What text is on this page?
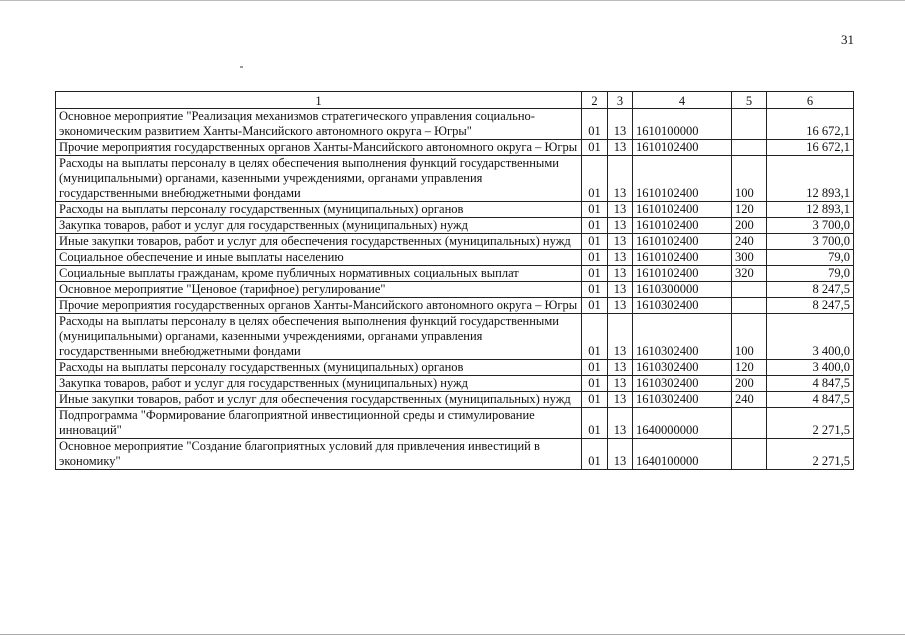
31
1	2	3	4	5	6
Основное мероприятие "Реализация механизмов стратегического управления социально-экономическим развитием Ханты-Мансийского автономного округа – Югры"	01	13	1610100000		16 672,1
Прочие мероприятия государственных органов Ханты-Мансийского автономного округа – Югры	01	13	1610102400		16 672,1
Расходы на выплаты персоналу в целях обеспечения выполнения функций государственными (муниципальными) органами, казенными учреждениями, органами управления государственными внебюджетными фондами	01	13	1610102400	100	12 893,1
Расходы на выплаты персоналу государственных (муниципальных) органов	01	13	1610102400	120	12 893,1
Закупка товаров, работ и услуг для государственных (муниципальных) нужд	01	13	1610102400	200	3 700,0
Иные закупки товаров, работ и услуг для обеспечения государственных (муниципальных) нужд	01	13	1610102400	240	3 700,0
Социальное обеспечение и иные выплаты населению	01	13	1610102400	300	79,0
Социальные выплаты гражданам, кроме публичных нормативных социальных выплат	01	13	1610102400	320	79,0
Основное мероприятие "Ценовое (тарифное) регулирование"	01	13	1610300000		8 247,5
Прочие мероприятия государственных органов Ханты-Мансийского автономного округа – Югры	01	13	1610302400		8 247,5
Расходы на выплаты персоналу в целях обеспечения выполнения функций государственными (муниципальными) органами, казенными учреждениями, органами управления государственными внебюджетными фондами	01	13	1610302400	100	3 400,0
Расходы на выплаты персоналу государственных (муниципальных) органов	01	13	1610302400	120	3 400,0
Закупка товаров, работ и услуг для государственных (муниципальных) нужд	01	13	1610302400	200	4 847,5
Иные закупки товаров, работ и услуг для обеспечения государственных (муниципальных) нужд	01	13	1610302400	240	4 847,5
Подпрограмма "Формирование благоприятной инвестиционной среды и стимулирование инноваций"	01	13	1640000000		2 271,5
Основное мероприятие "Создание благоприятных условий для привлечения инвестиций в экономику"	01	13	1640100000		2 271,5
